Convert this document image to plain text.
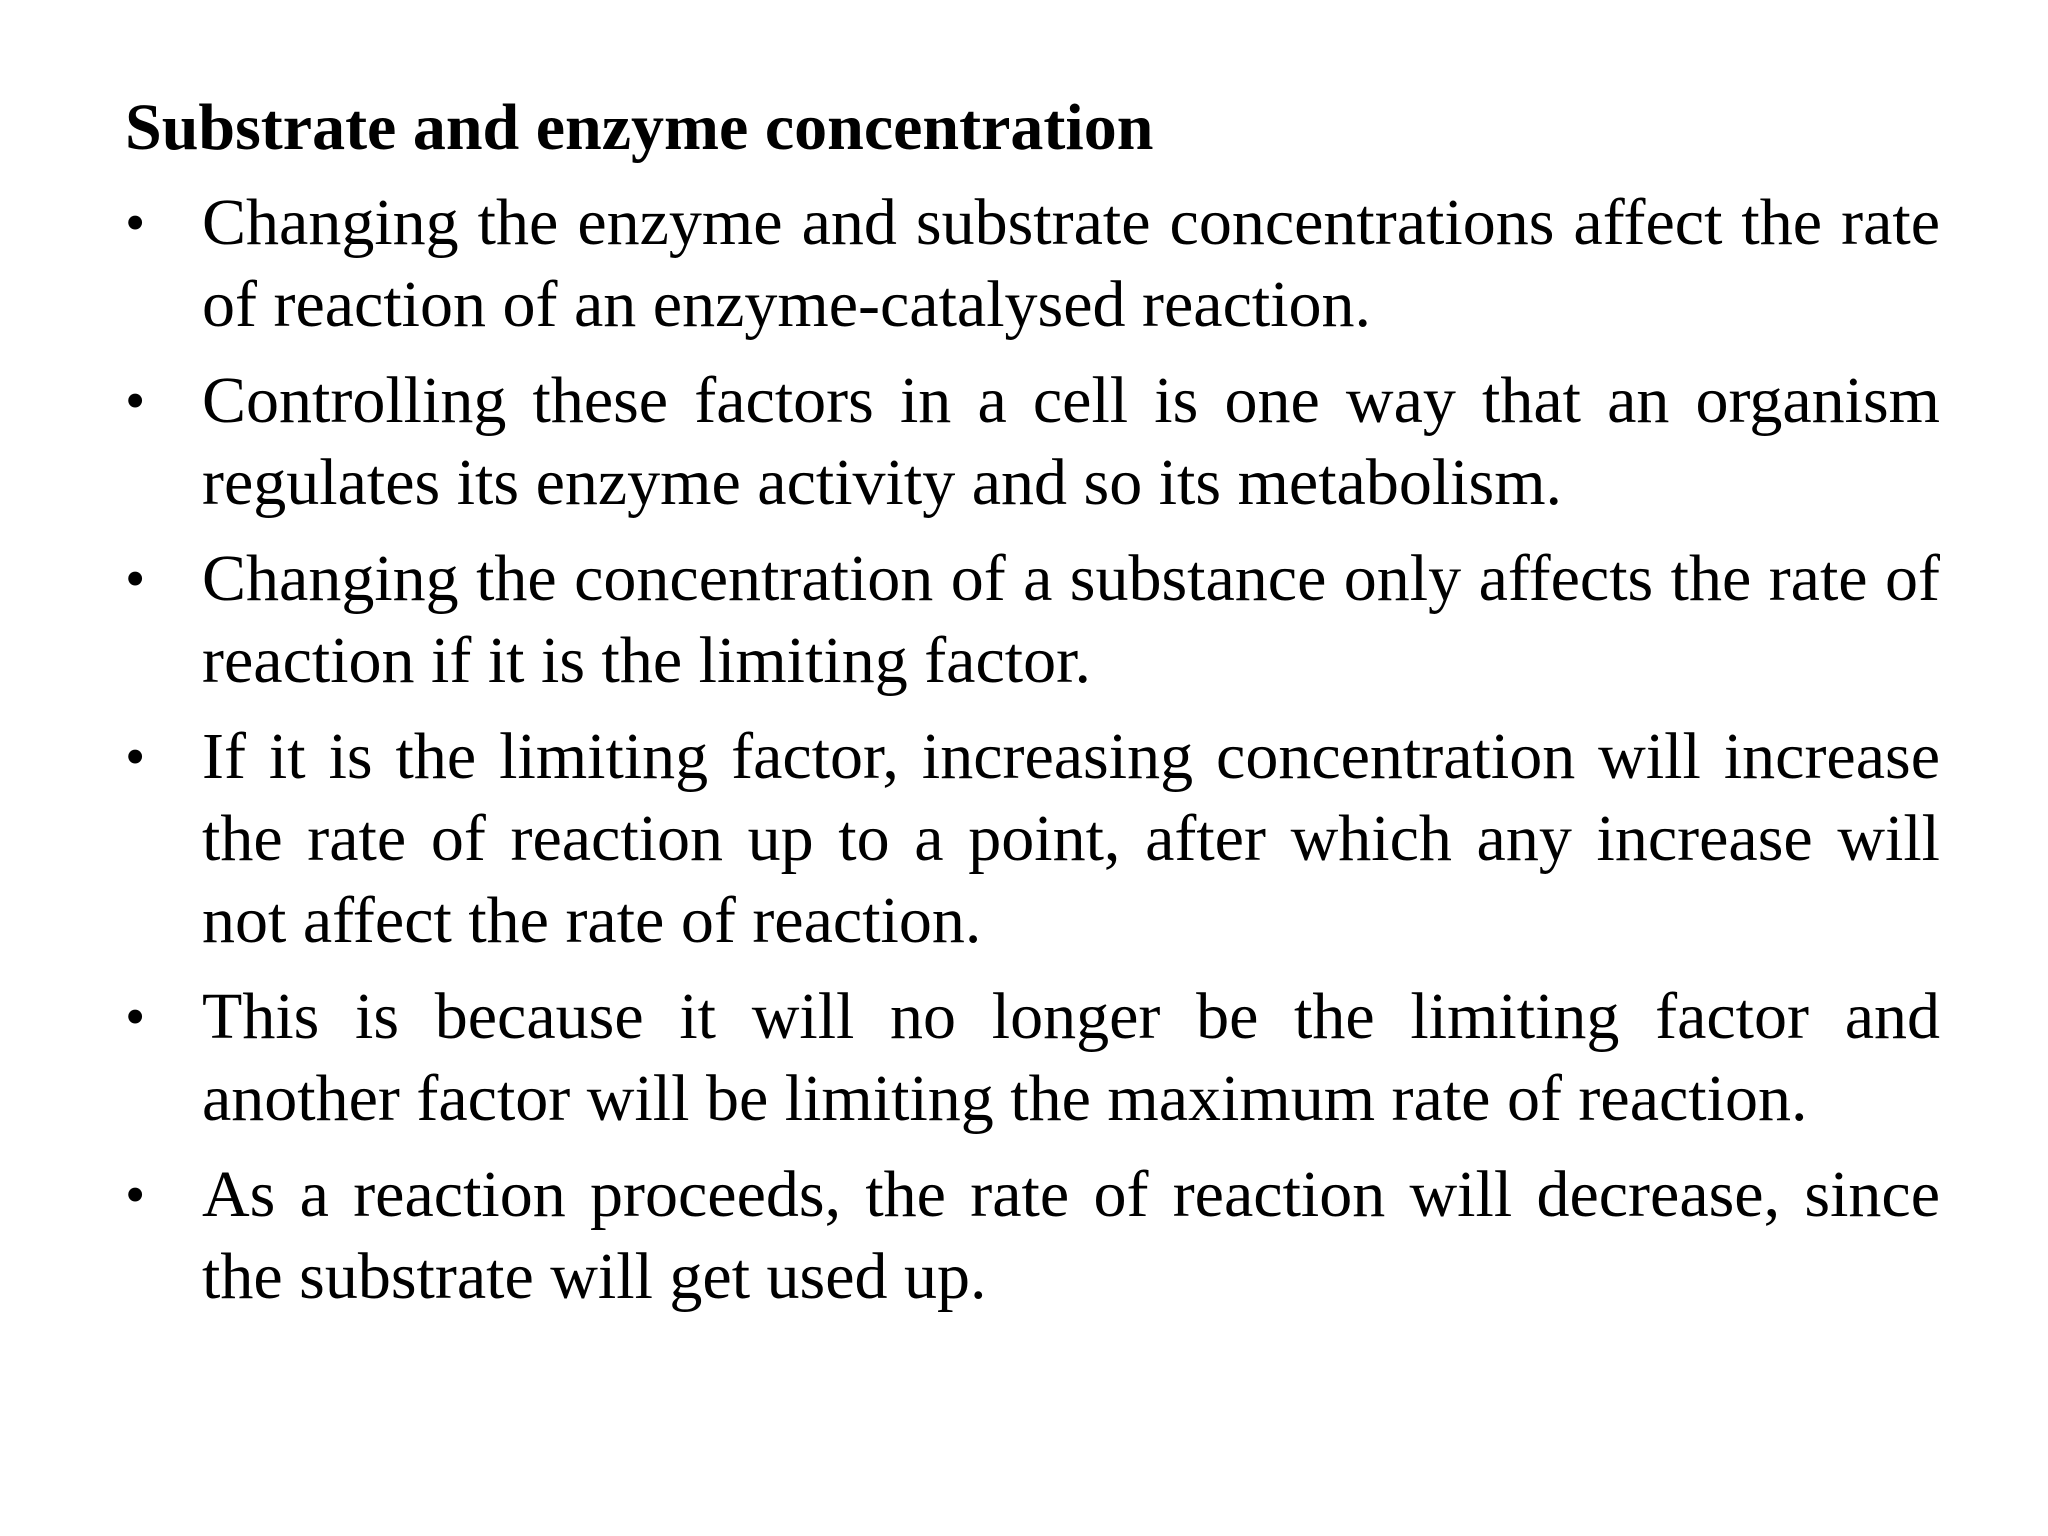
Substrate and enzyme concentration
• Changing the enzyme and substrate concentrations affect the rate of reaction of an enzyme-catalysed reaction.
• Controlling these factors in a cell is one way that an organism regulates its enzyme activity and so its metabolism.
• Changing the concentration of a substance only affects the rate of reaction if it is the limiting factor.
• If it is the limiting factor, increasing concentration will increase the rate of reaction up to a point, after which any increase will not affect the rate of reaction.
• This is because it will no longer be the limiting factor and another factor will be limiting the maximum rate of reaction.
• As a reaction proceeds, the rate of reaction will decrease, since the substrate will get used up.
